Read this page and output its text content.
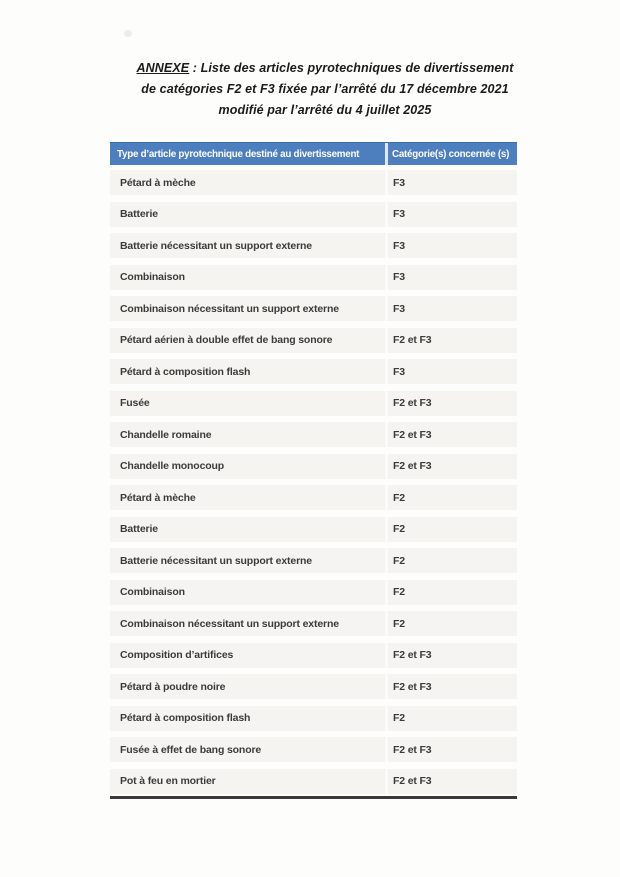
ANNEXE : Liste des articles pyrotechniques de divertissement
de catégories F2 et F3 fixée par l’arrêté du 17 décembre 2021
modifié par l’arrêté du 4 juillet 2025
Type d’article pyrotechnique destiné au divertissement	Catégorie(s) concernée (s)
Pétard à mèche	F3
Batterie	F3
Batterie nécessitant un support externe	F3
Combinaison	F3
Combinaison nécessitant un support externe	F3
Pétard aérien à double effet de bang sonore	F2 et F3
Pétard à composition flash	F3
Fusée	F2 et F3
Chandelle romaine	F2 et F3
Chandelle monocoup	F2 et F3
Pétard à mèche	F2
Batterie	F2
Batterie nécessitant un support externe	F2
Combinaison	F2
Combinaison nécessitant un support externe	F2
Composition d’artifices	F2 et F3
Pétard à poudre noire	F2 et F3
Pétard à composition flash	F2
Fusée à effet de bang sonore	F2 et F3
Pot à feu en mortier	F2 et F3
